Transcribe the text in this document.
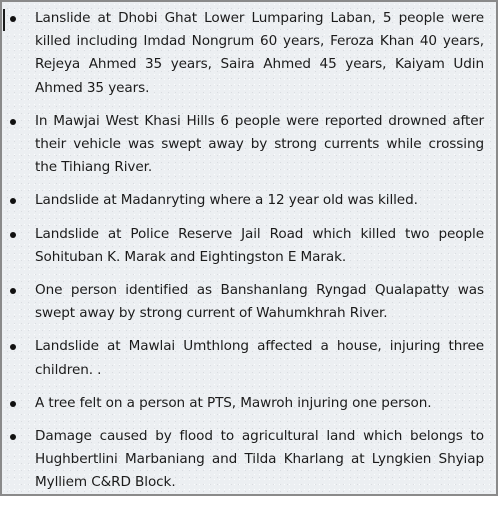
Lanslide at Dhobi Ghat Lower Lumparing Laban, 5 people were killed including Imdad Nongrum 60 years, Feroza Khan 40 years, Rejeya Ahmed 35 years, Saira Ahmed 45 years, Kaiyam Udin Ahmed 35 years.
In Mawjai West Khasi Hills 6 people were reported drowned after their vehicle was swept away by strong currents while crossing the Tihiang River.
Landslide at Madanryting where a 12 year old was killed.
Landslide at Police Reserve Jail Road which killed two people Sohituban K. Marak and Eightingston E Marak.
One person identified as Banshanlang Ryngad Qualapatty was swept away by strong current of Wahumkhrah River.
Landslide at Mawlai Umthlong affected a house, injuring three children. .
A tree felt on a person at PTS, Mawroh injuring one person.
Damage caused by flood to agricultural land which belongs to Hughbertlini Marbaniang and Tilda Kharlang at Lyngkien Shyiap Mylliem C&RD Block.
